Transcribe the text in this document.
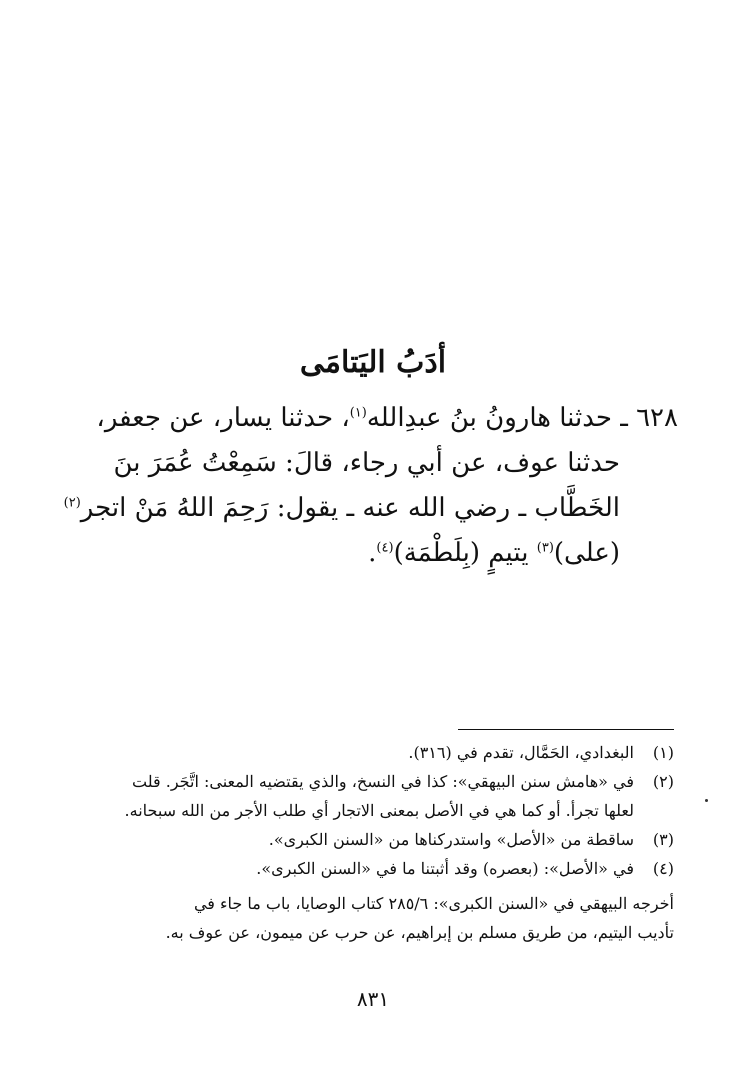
أدَبُ اليَتامَى
٦٢٨ ـ حدثنا هارونُ بنُ عبدِالله$^{(١)}$، حدثنا يسار، عن جعفر،
حدثنا عوف، عن أبي رجاء، قالَ: سَمِعْتُ عُمَرَ بنَ
الخَطَّاب ـ رضي الله عنه ـ يقول: رَحِمَ اللهُ مَنْ اتجر$^{(٢)}$
(على)$^{(٣)}$ يتيمٍ (بِلَطْمَة)$^{(٤)}$.
(١)البغدادي، الحَمَّال، تقدم في (٣١٦).
(٢)في «هامش سنن البيهقي»: كذا في النسخ، والذي يقتضيه المعنى: اتَّجَر. قلت
لعلها تجرأ. أو كما هي في الأصل بمعنى الاتجار أي طلب الأجر من الله سبحانه.
(٣)ساقطة من «الأصل» واستدركناها من «السنن الكبرى».
(٤)في «الأصل»: (بعصره) وقد أثبتنا ما في «السنن الكبرى».
أخرجه البيهقي في «السنن الكبرى»: ٢٨٥/٦ كتاب الوصايا، باب ما جاء في
تأديب اليتيم، من طريق مسلم بن إبراهيم، عن حرب عن ميمون، عن عوف به.
٨٣١
